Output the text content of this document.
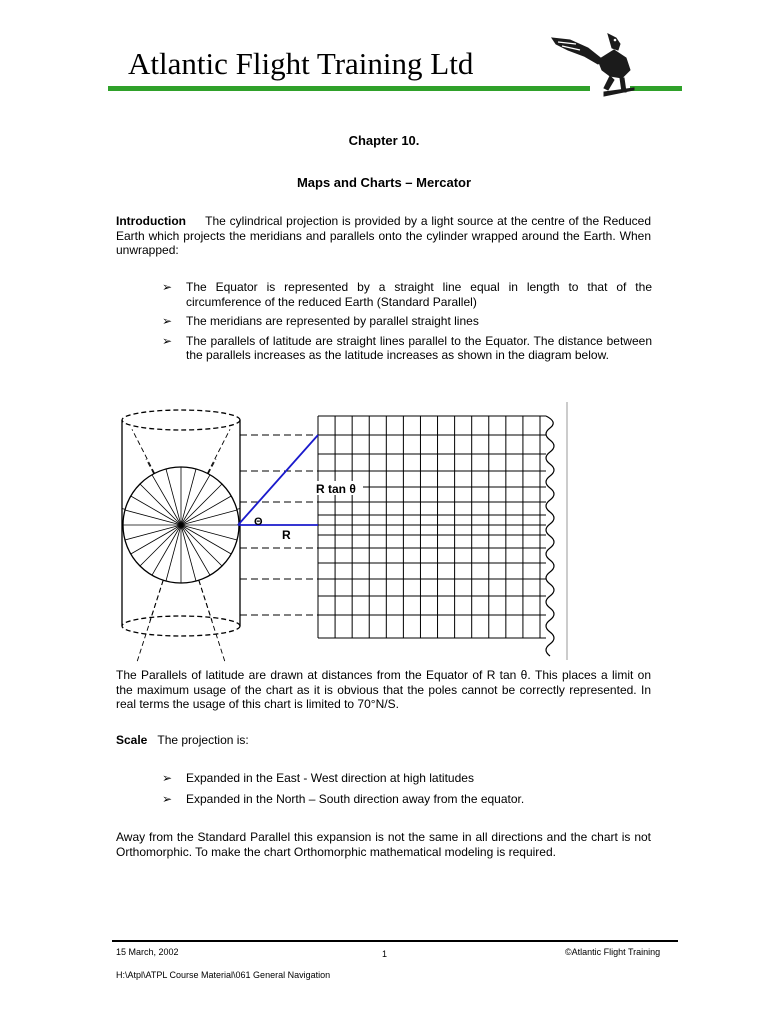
Atlantic Flight Training Ltd
Chapter 10.
Maps and Charts – Mercator
Introduction The cylindrical projection is provided by a light source at the centre of the Reduced Earth which projects the meridians and parallels onto the cylinder wrapped around the Earth. When unwrapped:
➢ The Equator is represented by a straight line equal in length to that of the circumference of the reduced Earth (Standard Parallel)
➢ The meridians are represented by parallel straight lines
➢ The parallels of latitude are straight lines parallel to the Equator. The distance between the parallels increases as the latitude increases as shown in the diagram below.
R tan θ
Θ
R
The Parallels of latitude are drawn at distances from the Equator of R tan θ. This places a limit on the maximum usage of the chart as it is obvious that the poles cannot be correctly represented. In real terms the usage of this chart is limited to 70°N/S.
Scale The projection is:
➢ Expanded in the East - West direction at high latitudes
➢ Expanded in the North – South direction away from the equator.
Away from the Standard Parallel this expansion is not the same in all directions and the chart is not Orthomorphic. To make the chart Orthomorphic mathematical modeling is required.
15 March, 2002	1	©Atlantic Flight Training
H:\Atpl\ATPL Course Material\061 General Navigation
